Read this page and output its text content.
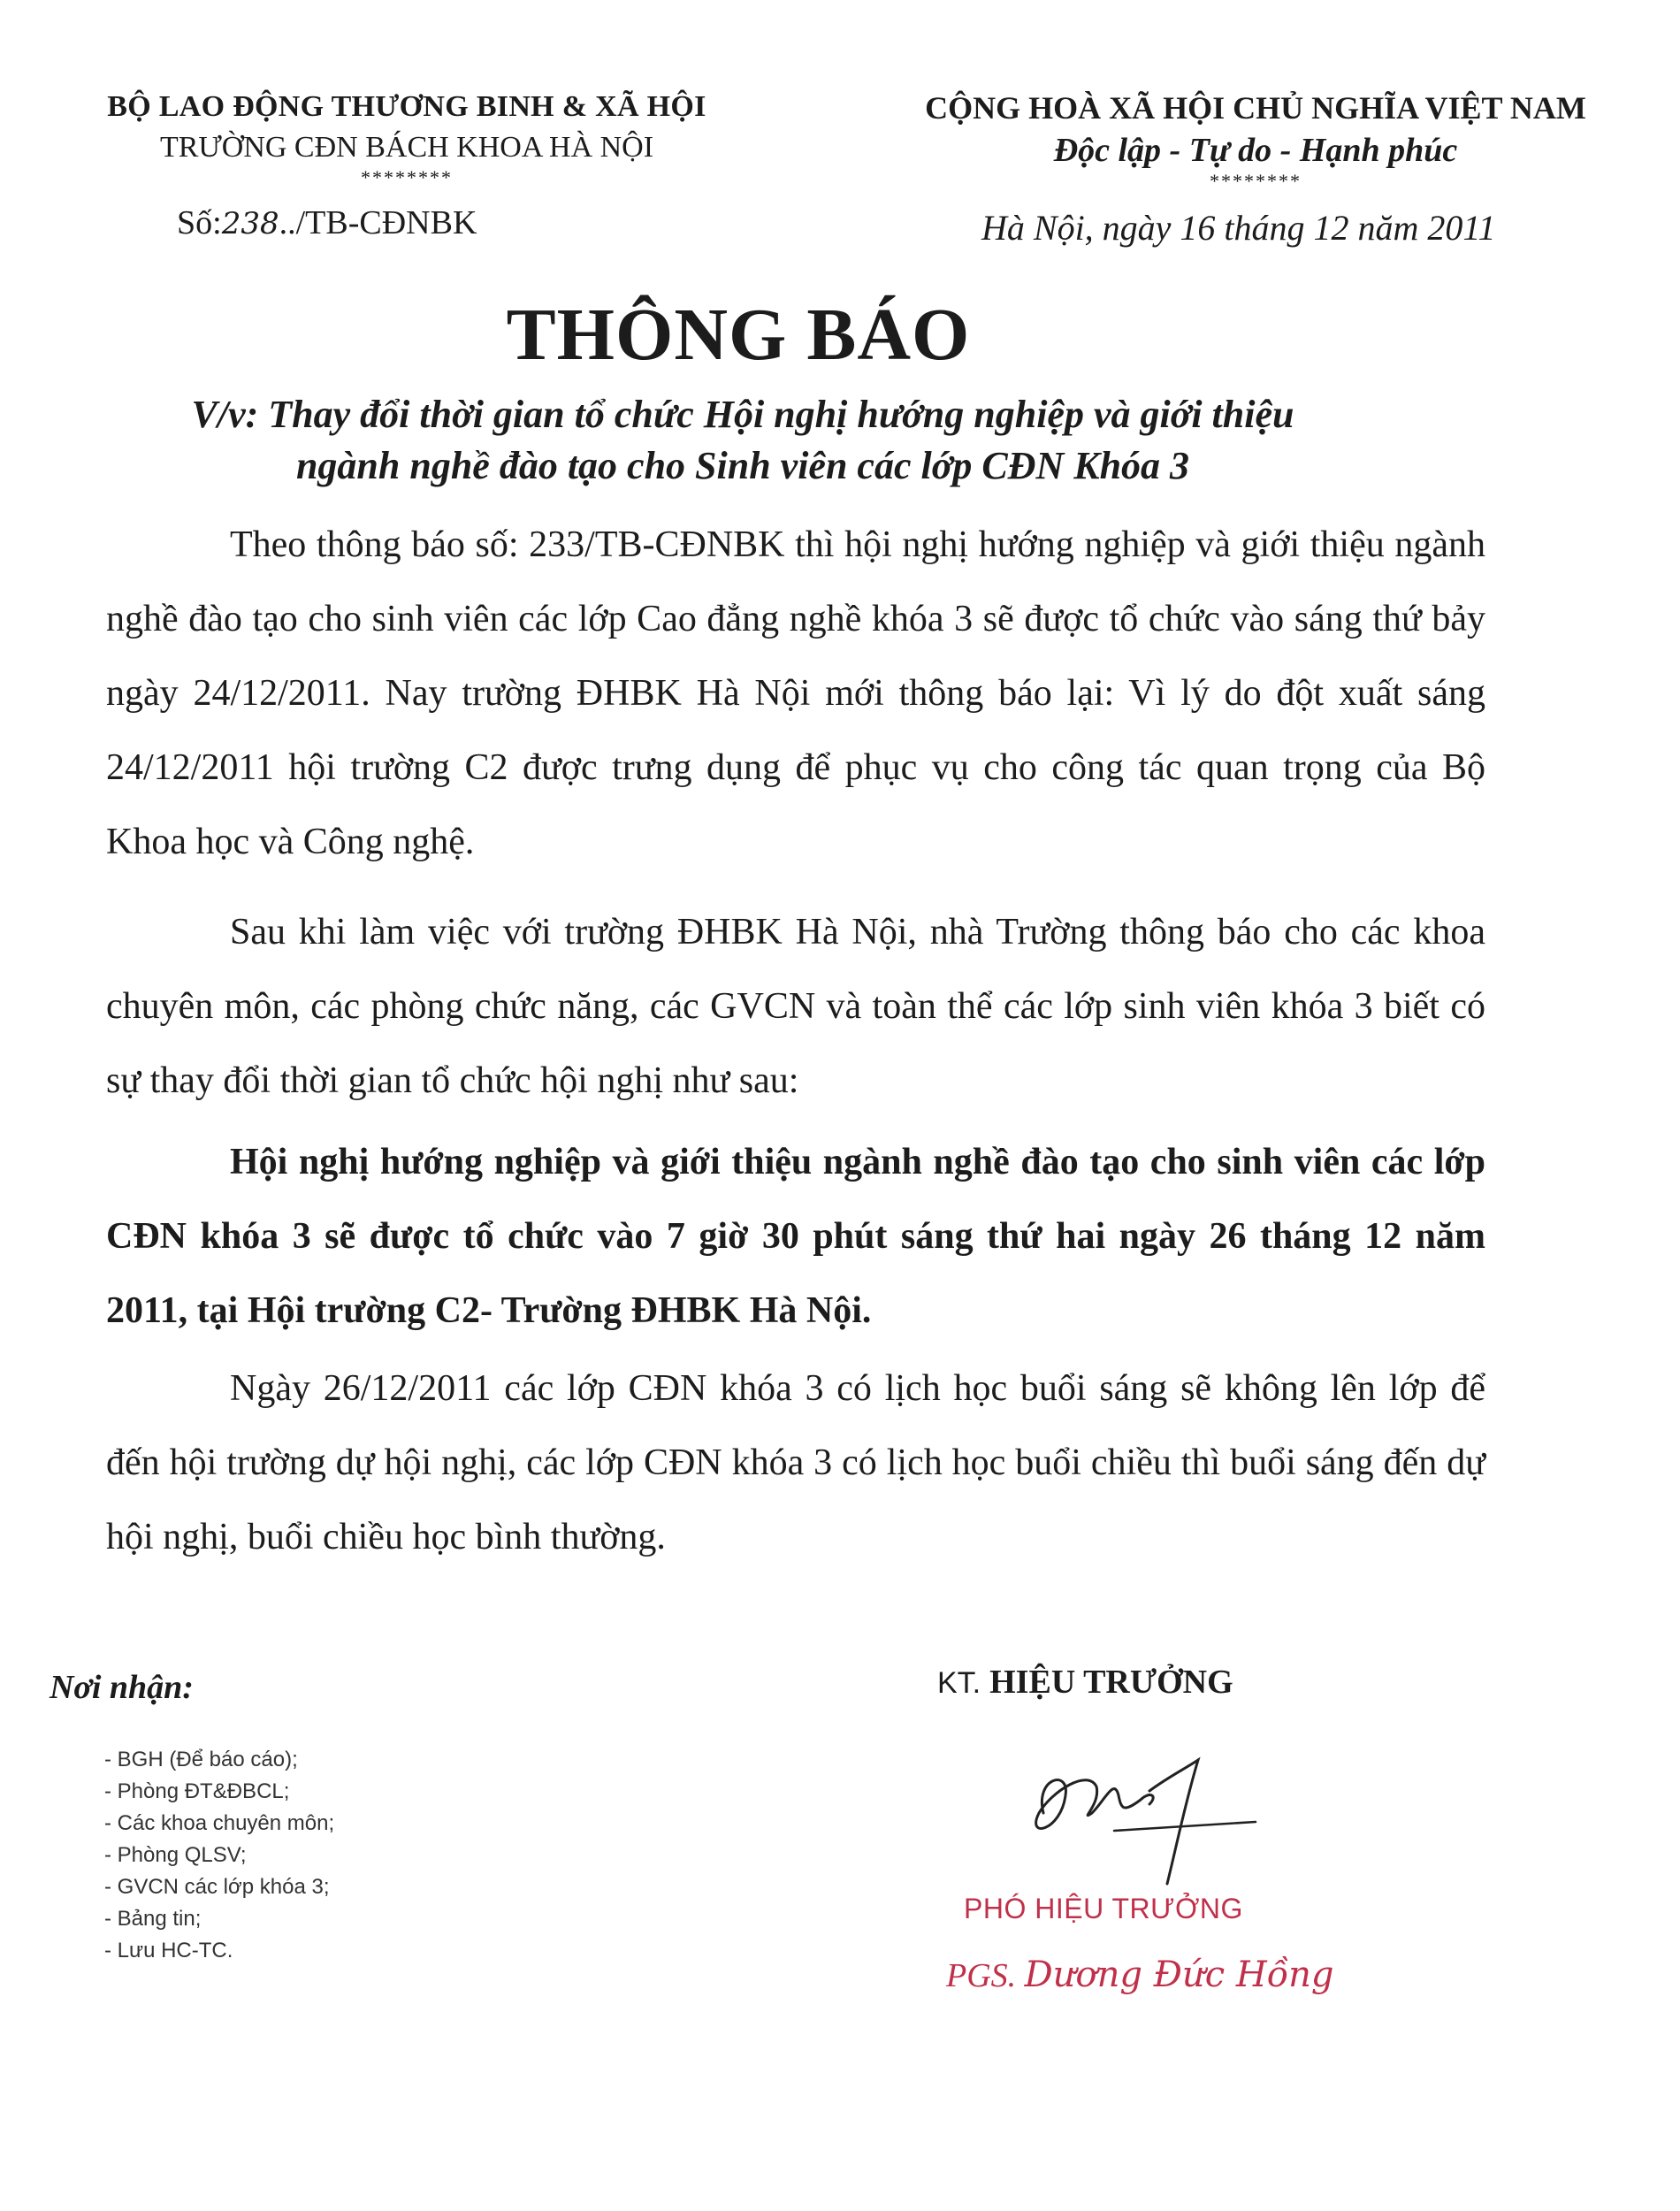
BỘ LAO ĐỘNG THƯƠNG BINH & XÃ HỘI
TRƯỜNG CĐN BÁCH KHOA HÀ NỘI
********
Số:238../TB-CĐNBK
CỘNG HOÀ XÃ HỘI CHỦ NGHĨA VIỆT NAM
Độc lập - Tự do - Hạnh phúc
********
Hà Nội, ngày 16 tháng 12 năm 2011
THÔNG BÁO
V/v: Thay đổi thời gian tổ chức Hội nghị hướng nghiệp và giới thiệu
ngành nghề đào tạo cho Sinh viên các lớp CĐN Khóa 3

Theo thông báo số: 233/TB-CĐNBK thì hội nghị hướng nghiệp và giới thiệu ngành nghề đào tạo cho sinh viên các lớp Cao đẳng nghề khóa 3 sẽ được tổ chức vào sáng thứ bảy ngày 24/12/2011. Nay trường ĐHBK Hà Nội mới thông báo lại: Vì lý do đột xuất sáng 24/12/2011 hội trường C2 được trưng dụng để phục vụ cho công tác quan trọng của Bộ Khoa học và Công nghệ.

Sau khi làm việc với trường ĐHBK Hà Nội, nhà Trường thông báo cho các khoa chuyên môn, các phòng chức năng, các GVCN và toàn thể các lớp sinh viên khóa 3 biết có sự thay đổi thời gian tổ chức hội nghị như sau:

Hội nghị hướng nghiệp và giới thiệu ngành nghề đào tạo cho sinh viên các lớp CĐN khóa 3 sẽ được tổ chức vào 7 giờ 30 phút sáng thứ hai ngày 26 tháng 12 năm 2011, tại Hội trường C2- Trường ĐHBK Hà Nội.

Ngày 26/12/2011 các lớp CĐN khóa 3 có lịch học buổi sáng sẽ không lên lớp để đến hội trường dự hội nghị, các lớp CĐN khóa 3 có lịch học buổi chiều thì buổi sáng đến dự hội nghị, buổi chiều học bình thường.

Nơi nhận:
- BGH (Để báo cáo);
- Phòng ĐT&ĐBCL;
- Các khoa chuyên môn;
- Phòng QLSV;
- GVCN các lớp khóa 3;
- Bảng tin;
- Lưu HC-TC.
KT. HIỆU TRƯỞNG
PHÓ HIỆU TRƯỞNG
PGS. Dương Đức Hồng
